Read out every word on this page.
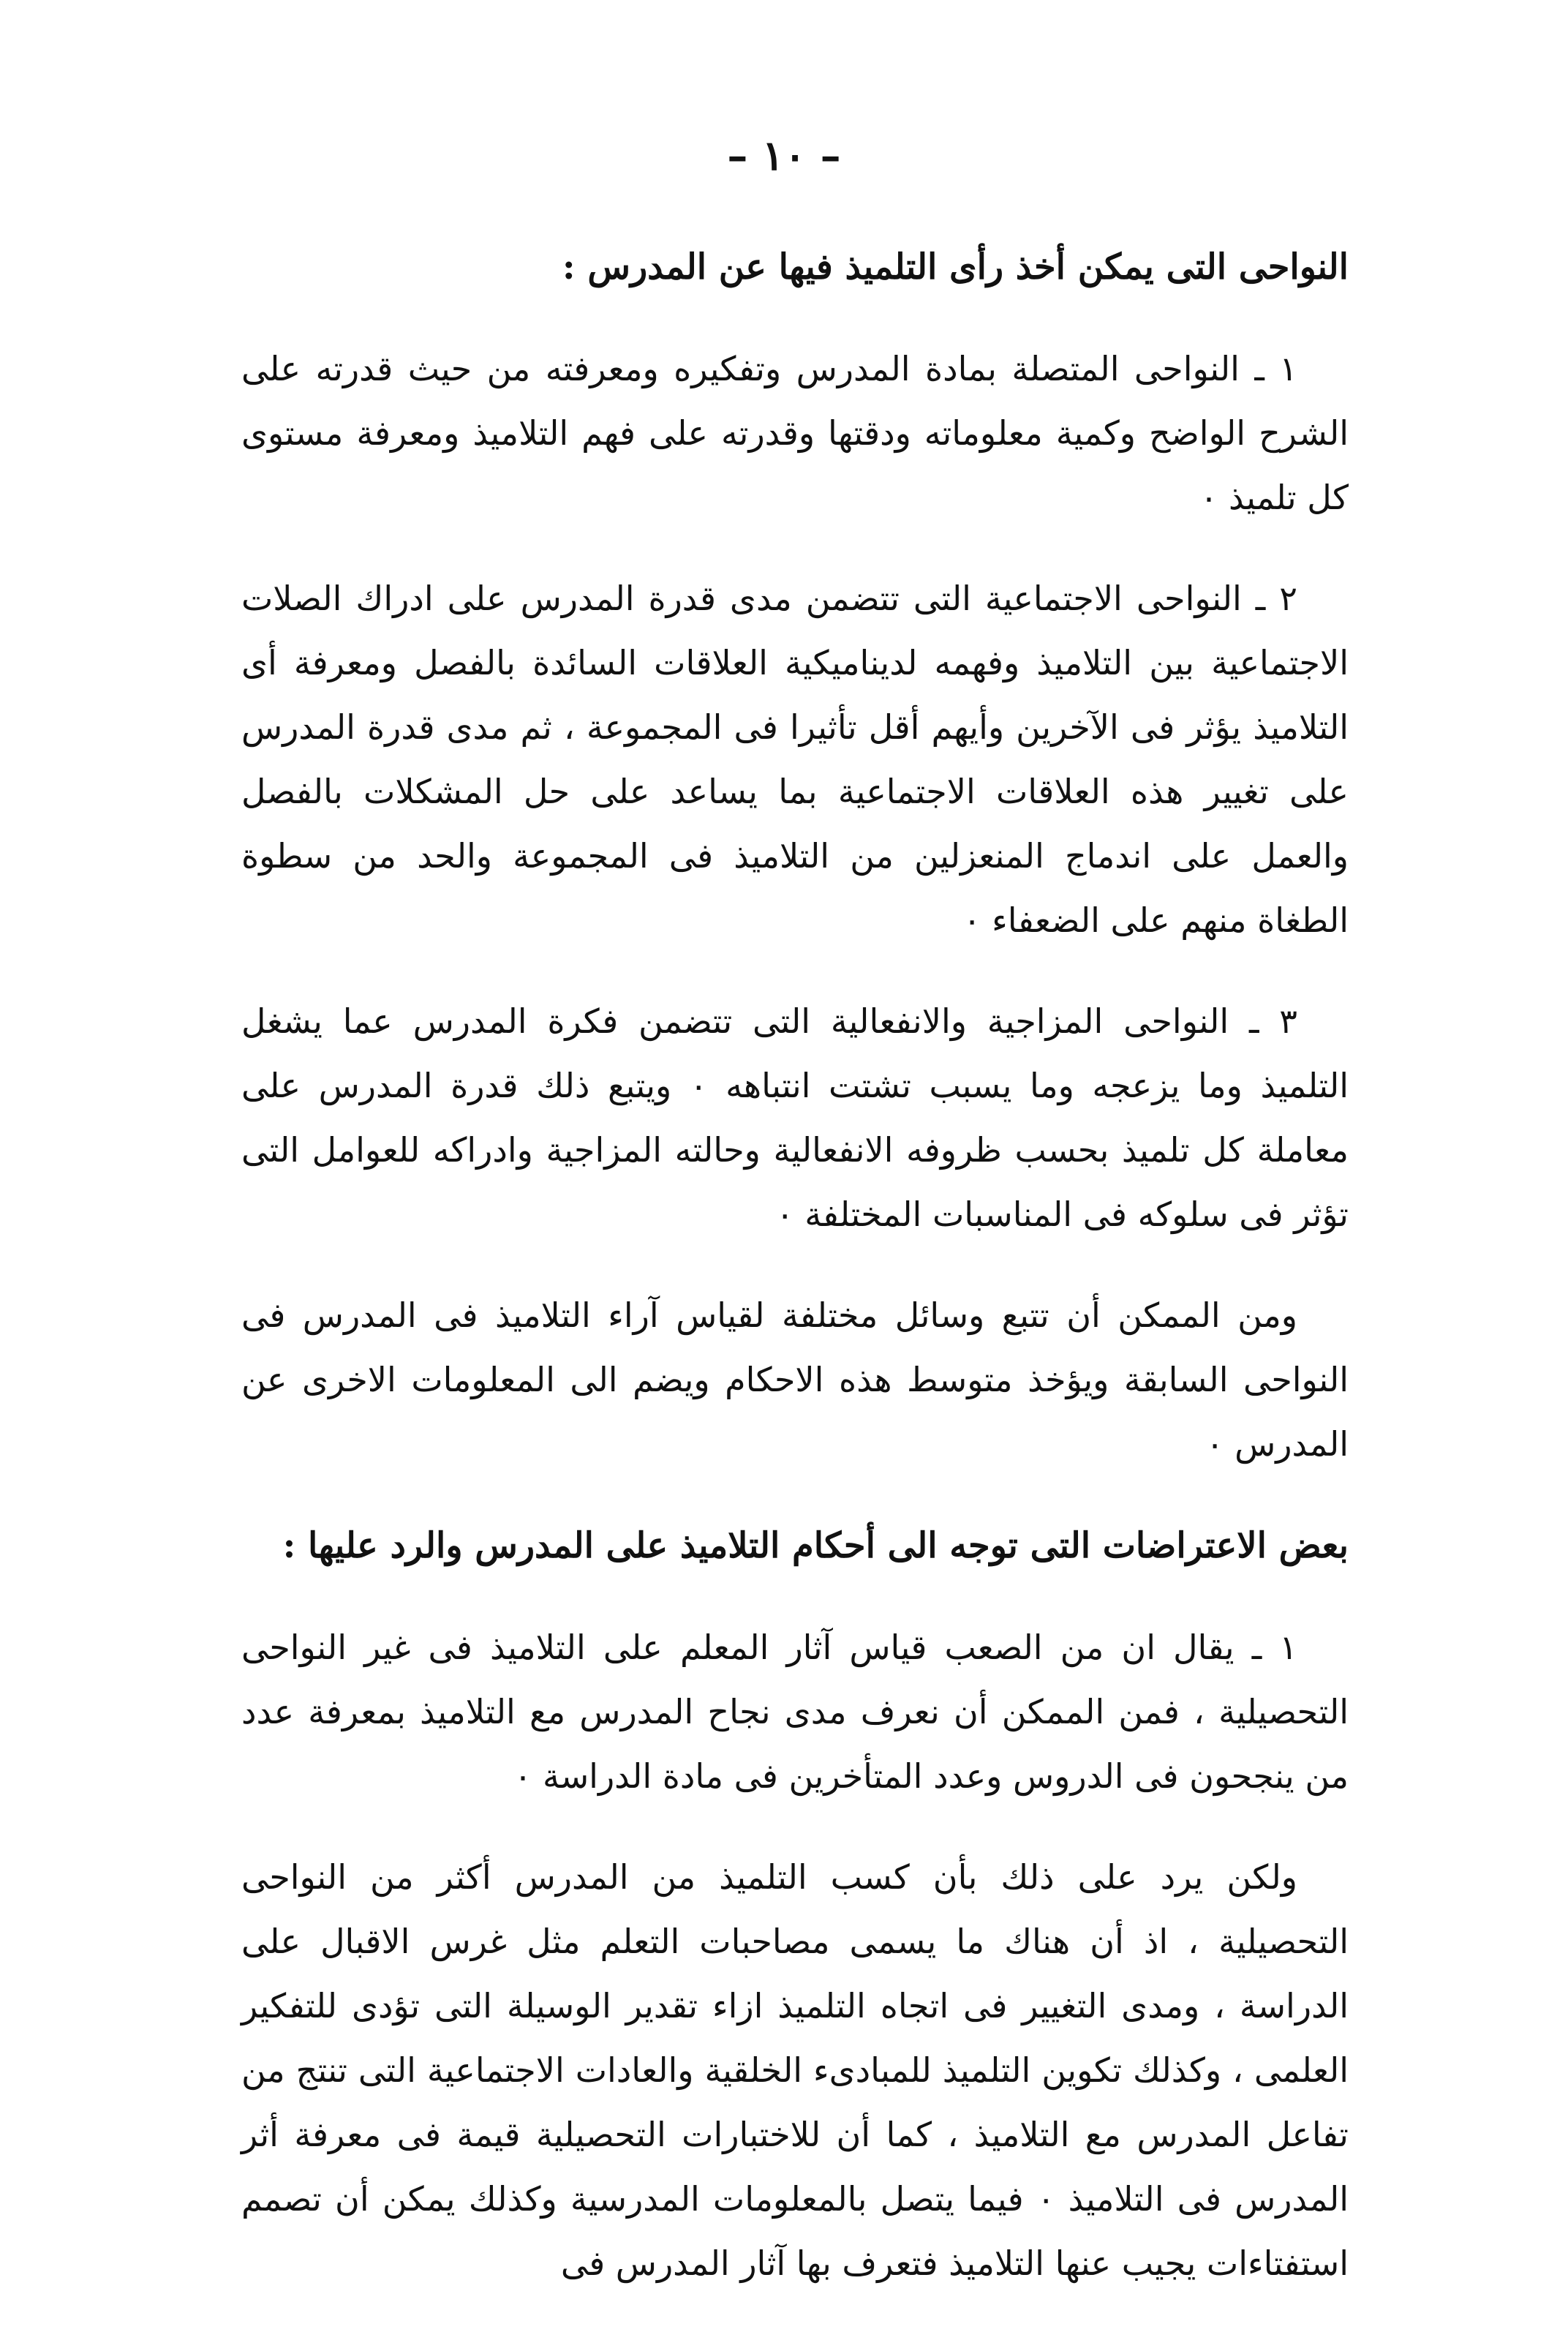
– ١٠ –
النواحى التى يمكن أخذ رأى التلميذ فيها عن المدرس :

١ ـ النواحى المتصلة بمادة المدرس وتفكيره ومعرفته من حيث قدرته على الشرح الواضح وكمية معلوماته ودقتها وقدرته على فهم التلاميذ ومعرفة مستوى كل تلميذ ٠

٢ ـ النواحى الاجتماعية التى تتضمن مدى قدرة المدرس على ادراك الصلات الاجتماعية بين التلاميذ وفهمه لديناميكية العلاقات السائدة بالفصل ومعرفة أى التلاميذ يؤثر فى الآخرين وأيهم أقل تأثيرا فى المجموعة ، ثم مدى قدرة المدرس على تغيير هذه العلاقات الاجتماعية بما يساعد على حل المشكلات بالفصل والعمل على اندماج المنعزلين من التلاميذ فى المجموعة والحد من سطوة الطغاة منهم على الضعفاء ٠

٣ ـ النواحى المزاجية والانفعالية التى تتضمن فكرة المدرس عما يشغل التلميذ وما يزعجه وما يسبب تشتت انتباهه ٠ ويتبع ذلك قدرة المدرس على معاملة كل تلميذ بحسب ظروفه الانفعالية وحالته المزاجية وادراكه للعوامل التى تؤثر فى سلوكه فى المناسبات المختلفة ٠

ومن الممكن أن تتبع وسائل مختلفة لقياس آراء التلاميذ فى المدرس فى النواحى السابقة ويؤخذ متوسط هذه الاحكام ويضم الى المعلومات الاخرى عن المدرس ٠

بعض الاعتراضات التى توجه الى أحكام التلاميذ على المدرس والرد عليها :

١ ـ يقال ان من الصعب قياس آثار المعلم على التلاميذ فى غير النواحى التحصيلية ، فمن الممكن أن نعرف مدى نجاح المدرس مع التلاميذ بمعرفة عدد من ينجحون فى الدروس وعدد المتأخرين فى مادة الدراسة ٠

ولكن يرد على ذلك بأن كسب التلميذ من المدرس أكثر من النواحى التحصيلية ، اذ أن هناك ما يسمى مصاحبات التعلم مثل غرس الاقبال على الدراسة ، ومدى التغيير فى اتجاه التلميذ ازاء تقدير الوسيلة التى تؤدى للتفكير العلمى ، وكذلك تكوين التلميذ للمبادىء الخلقية والعادات الاجتماعية التى تنتج من تفاعل المدرس مع التلاميذ ، كما أن للاختبارات التحصيلية قيمة فى معرفة أثر المدرس فى التلاميذ ٠ فيما يتصل بالمعلومات المدرسية وكذلك يمكن أن تصمم استفتاءات يجيب عنها التلاميذ فتعرف بها آثار المدرس فى
